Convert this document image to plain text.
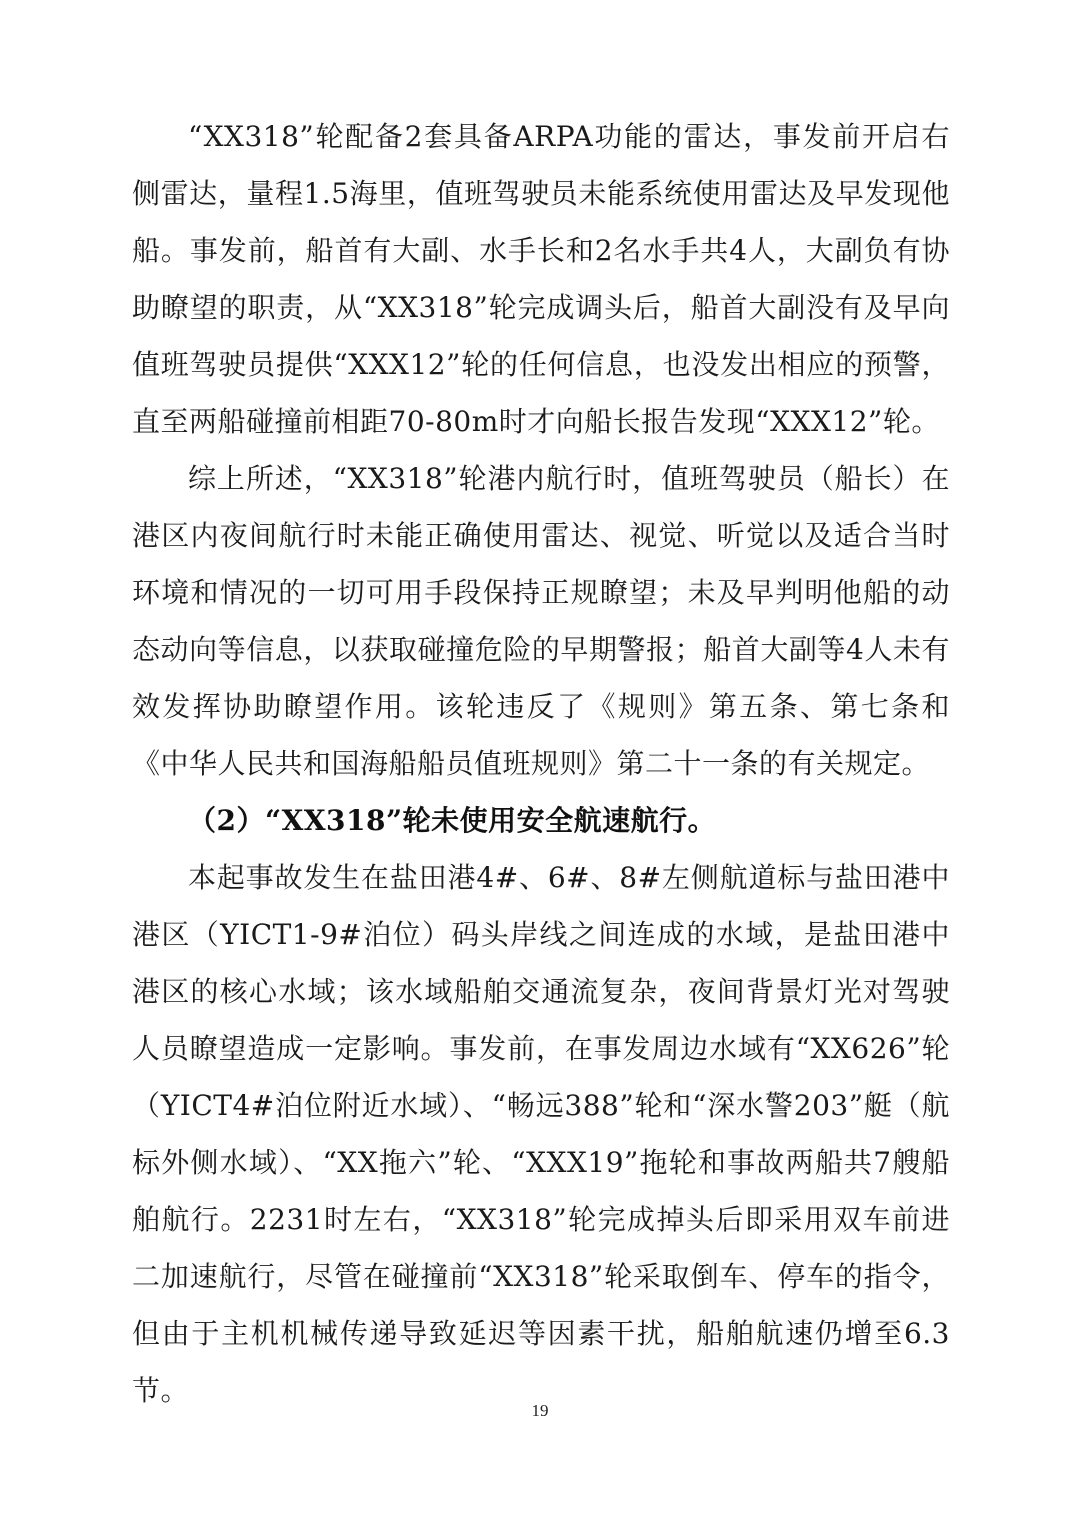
“XX318”轮配备2套具备ARPA功能的雷达，事发前开启右侧雷达，量程1.5海里，值班驾驶员未能系统使用雷达及早发现他船。事发前，船首有大副、水手长和2名水手共4人，大副负有协助瞭望的职责，从“XX318”轮完成调头后，船首大副没有及早向值班驾驶员提供“XXX12”轮的任何信息，也没发出相应的预警，直至两船碰撞前相距70-80m时才向船长报告发现“XXX12”轮。

综上所述，“XX318”轮港内航行时，值班驾驶员（船长）在港区内夜间航行时未能正确使用雷达、视觉、听觉以及适合当时环境和情况的一切可用手段保持正规瞭望；未及早判明他船的动态动向等信息，以获取碰撞危险的早期警报；船首大副等4人未有效发挥协助瞭望作用。该轮违反了《规则》第五条、第七条和《中华人民共和国海船船员值班规则》第二十一条的有关规定。

（2）“XX318”轮未使用安全航速航行。

本起事故发生在盐田港4#、6#、8#左侧航道标与盐田港中港区（YICT1-9#泊位）码头岸线之间连成的水域，是盐田港中港区的核心水域；该水域船舶交通流复杂，夜间背景灯光对驾驶人员瞭望造成一定影响。事发前，在事发周边水域有“XX626”轮（YICT4#泊位附近水域）、“畅远388”轮和“深水警203”艇（航标外侧水域）、“XX拖六”轮、“XXX19”拖轮和事故两船共7艘船舶航行。2231时左右，“XX318”轮完成掉头后即采用双车前进二加速航行，尽管在碰撞前“XX318”轮采取倒车、停车的指令，但由于主机机械传递导致延迟等因素干扰，船舶航速仍增至6.3节。

19
